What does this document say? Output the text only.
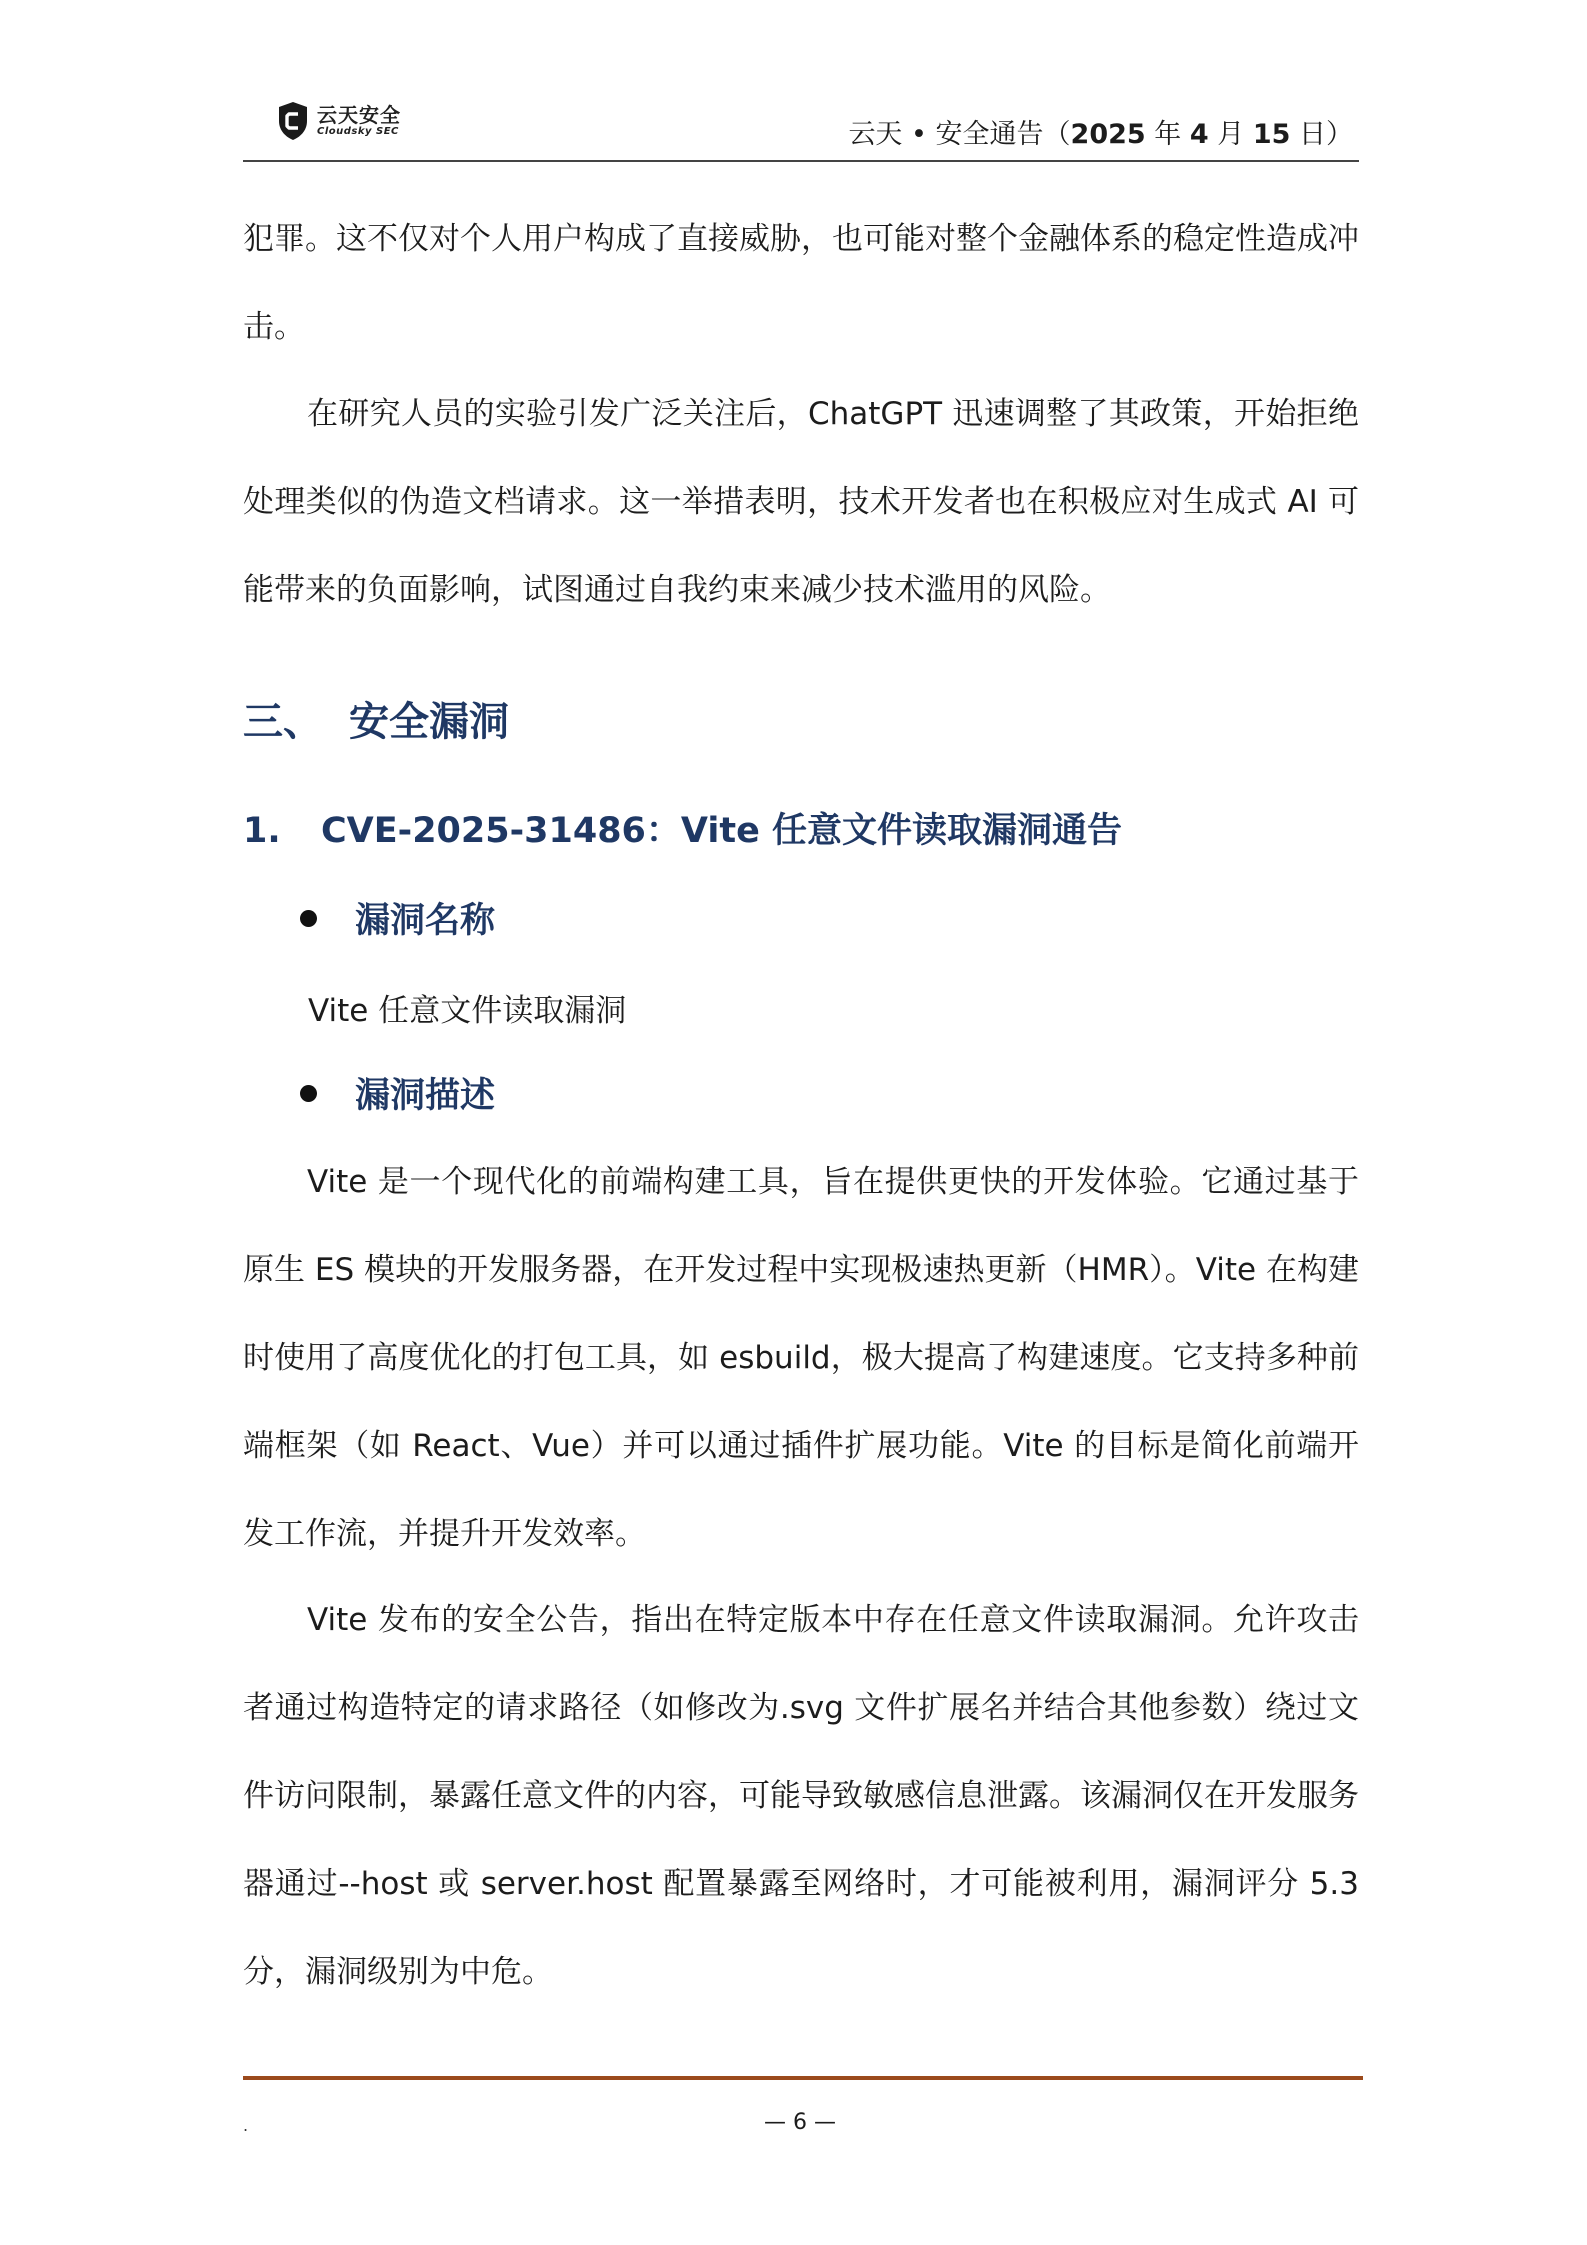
云天安全
Cloudsky SEC	云天 • 安全通告（2025 年 4 月 15 日）
犯罪。这不仅对个人用户构成了直接威胁，也可能对整个金融体系的稳定性造成冲击。
在研究人员的实验引发广泛关注后，ChatGPT 迅速调整了其政策，开始拒绝处理类似的伪造文档请求。这一举措表明，技术开发者也在积极应对生成式 AI 可能带来的负面影响，试图通过自我约束来减少技术滥用的风险。
三、 安全漏洞
1. CVE-2025-31486：Vite 任意文件读取漏洞通告
漏洞名称
Vite 任意文件读取漏洞
漏洞描述
Vite 是一个现代化的前端构建工具，旨在提供更快的开发体验。它通过基于原生 ES 模块的开发服务器，在开发过程中实现极速热更新（HMR）。Vite 在构建时使用了高度优化的打包工具，如 esbuild，极大提高了构建速度。它支持多种前端框架（如 React、Vue）并可以通过插件扩展功能。Vite 的目标是简化前端开发工作流，并提升开发效率。
Vite 发布的安全公告，指出在特定版本中存在任意文件读取漏洞。允许攻击者通过构造特定的请求路径（如修改为.svg 文件扩展名并结合其他参数）绕过文件访问限制，暴露任意文件的内容，可能导致敏感信息泄露。该漏洞仅在开发服务器通过--host 或 server.host 配置暴露至网络时，才可能被利用，漏洞评分 5.3 分，漏洞级别为中危。
.	— 6 —
